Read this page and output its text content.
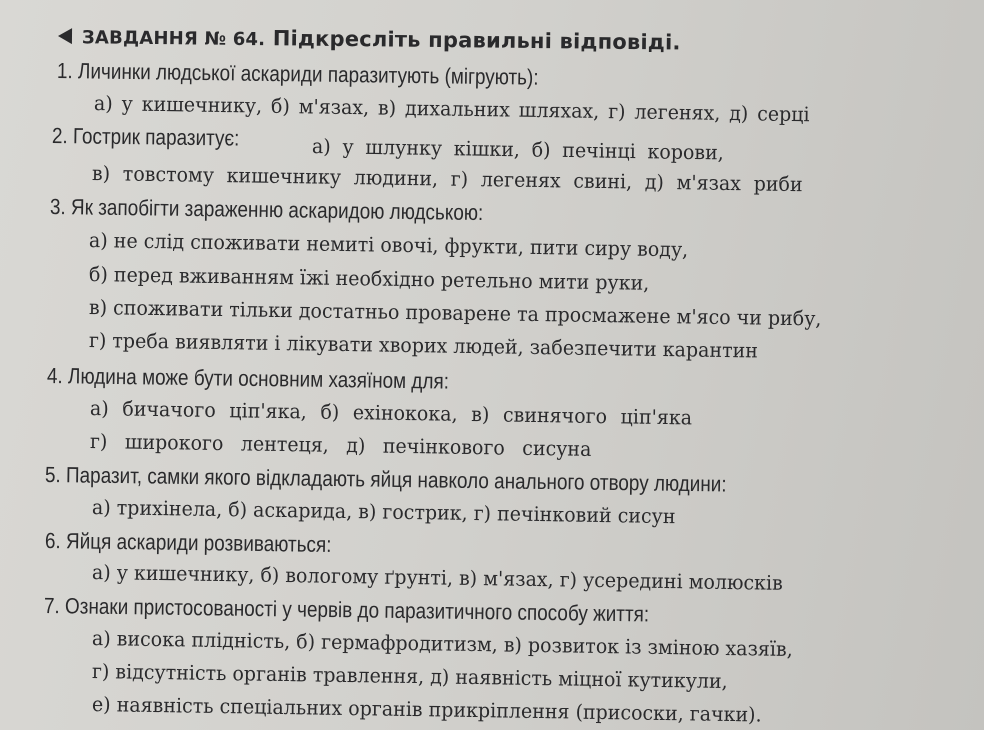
ЗАВДАННЯ № 64. Підкресліть правильні відповіді.
1. Личинки людської аскариди паразитують (мігрують):
а) у кишечнику, б) м'язах, в) дихальних шляхах, г) легенях, д) серці
2. Гострик паразитує:	а) у шлунку кішки, б) печінці корови,
в) товстому кишечнику людини, г) легенях свині, д) м'язах риби
3. Як запобігти зараженню аскаридою людською:
а) не слід споживати немиті овочі, фрукти, пити сиру воду,
б) перед вживанням їжі необхідно ретельно мити руки,
в) споживати тільки достатньо проварене та просмажене м'ясо чи рибу,
г) треба виявляти і лікувати хворих людей, забезпечити карантин
4. Людина може бути основним хазяїном для:
а) бичачого ціп'яка, б) ехінокока, в) свинячого ціп'яка
г) широкого лентеця, д) печінкового сисуна
5. Паразит, самки якого відкладають яйця навколо анального отвору людини:
а) трихінела, б) аскарида, в) гострик, г) печінковий сисун
6. Яйця аскариди розвиваються:
а) у кишечнику, б) вологому ґрунті, в) м'язах, г) усередині молюсків
7. Ознаки пристосованості у червів до паразитичного способу життя:
а) висока плідність, б) гермафродитизм, в) розвиток із зміною хазяїв,
г) відсутність органів травлення, д) наявність міцної кутикули,
е) наявність спеціальних органів прикріплення (присоски, гачки).
